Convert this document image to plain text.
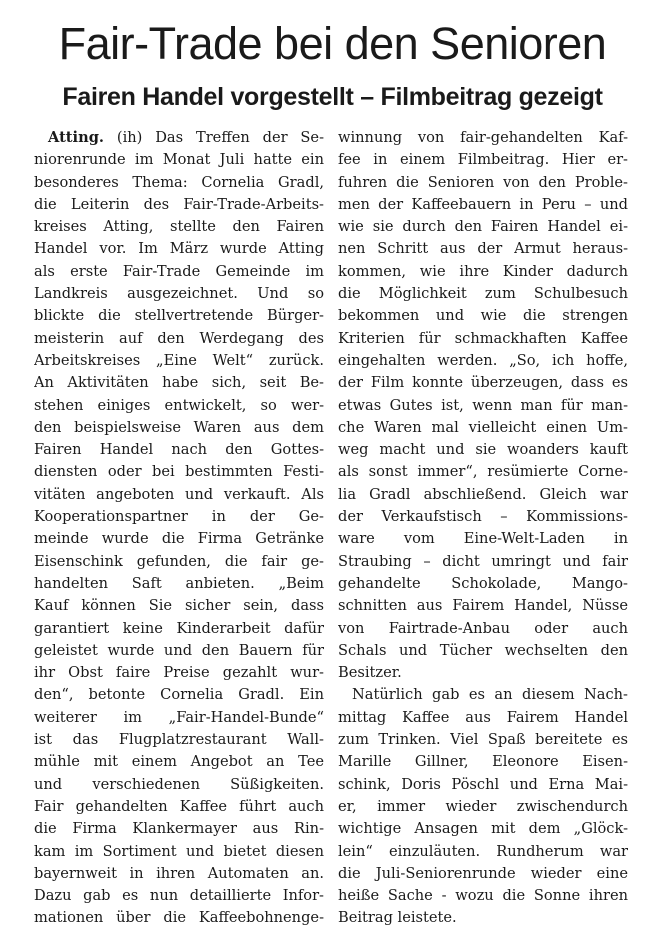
Fair-Trade bei den Senioren
Fairen Handel vorgestellt – Filmbeitrag gezeigt
Atting. (ih) Das Treffen der Se-
niorenrunde im Monat Juli hatte ein
besonderes Thema: Cornelia Gradl,
die Leiterin des Fair-Trade-Arbeits-
kreises Atting, stellte den Fairen
Handel vor. Im März wurde Atting
als erste Fair-Trade Gemeinde im
Landkreis ausgezeichnet. Und so
blickte die stellvertretende Bürger-
meisterin auf den Werdegang des
Arbeitskreises „Eine Welt“ zurück.
An Aktivitäten habe sich, seit Be-
stehen einiges entwickelt, so wer-
den beispielsweise Waren aus dem
Fairen Handel nach den Gottes-
diensten oder bei bestimmten Festi-
vitäten angeboten und verkauft. Als
Kooperationspartner in der Ge-
meinde wurde die Firma Getränke
Eisenschink gefunden, die fair ge-
handelten Saft anbieten. „Beim
Kauf können Sie sicher sein, dass
garantiert keine Kinderarbeit dafür
geleistet wurde und den Bauern für
ihr Obst faire Preise gezahlt wur-
den“, betonte Cornelia Gradl. Ein
weiterer im „Fair-Handel-Bunde“
ist das Flugplatzrestaurant Wall-
mühle mit einem Angebot an Tee
und verschiedenen Süßigkeiten.
Fair gehandelten Kaffee führt auch
die Firma Klankermayer aus Rin-
kam im Sortiment und bietet diesen
bayernweit in ihren Automaten an.
Dazu gab es nun detaillierte Infor-
mationen über die Kaffeebohnenge-
winnung von fair-gehandelten Kaf-
fee in einem Filmbeitrag. Hier er-
fuhren die Senioren von den Proble-
men der Kaffeebauern in Peru – und
wie sie durch den Fairen Handel ei-
nen Schritt aus der Armut heraus-
kommen, wie ihre Kinder dadurch
die Möglichkeit zum Schulbesuch
bekommen und wie die strengen
Kriterien für schmackhaften Kaffee
eingehalten werden. „So, ich hoffe,
der Film konnte überzeugen, dass es
etwas Gutes ist, wenn man für man-
che Waren mal vielleicht einen Um-
weg macht und sie woanders kauft
als sonst immer“, resümierte Corne-
lia Gradl abschließend. Gleich war
der Verkaufstisch – Kommissions-
ware vom Eine-Welt-Laden in
Straubing – dicht umringt und fair
gehandelte Schokolade, Mango-
schnitten aus Fairem Handel, Nüsse
von Fairtrade-Anbau oder auch
Schals und Tücher wechselten den
Besitzer.
Natürlich gab es an diesem Nach-
mittag Kaffee aus Fairem Handel
zum Trinken. Viel Spaß bereitete es
Marille Gillner, Eleonore Eisen-
schink, Doris Pöschl und Erna Mai-
er, immer wieder zwischendurch
wichtige Ansagen mit dem „Glöck-
lein“ einzuläuten. Rundherum war
die Juli-Seniorenrunde wieder eine
heiße Sache - wozu die Sonne ihren
Beitrag leistete.
